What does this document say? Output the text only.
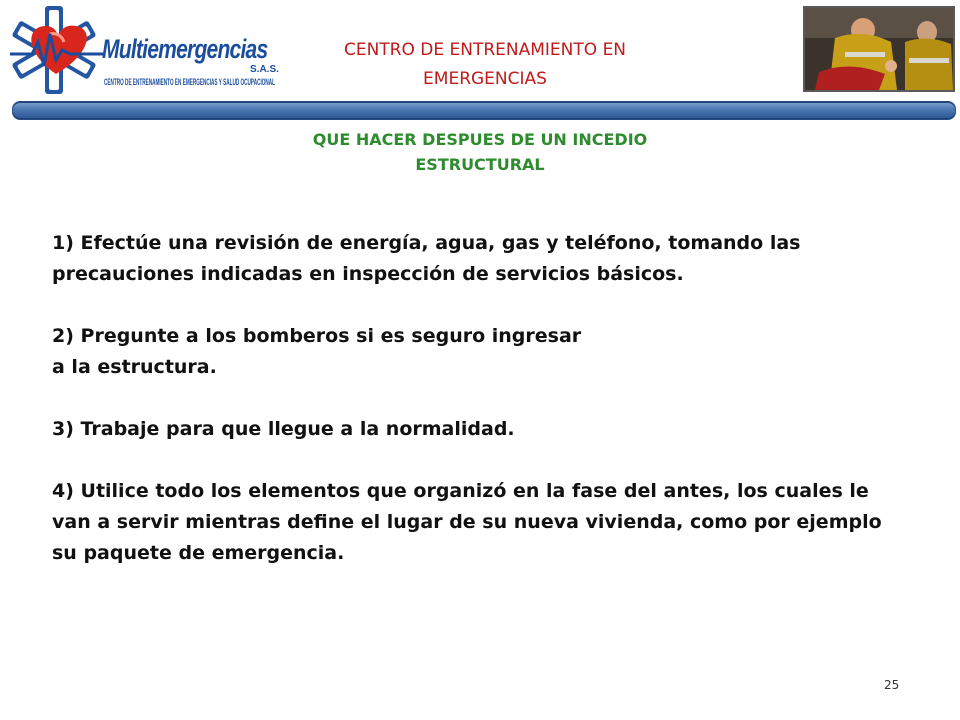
Multiemergencias
S.A.S.
CENTRO DE ENTRENAMIENTO EN EMERGENCIAS Y SALUD OCUPACIONAL
CENTRO DE ENTRENAMIENTO EN
EMERGENCIAS
QUE HACER DESPUES DE UN INCEDIO
ESTRUCTURAL

1) Efectúe una revisión de energía, agua, gas y teléfono, tomando las
precauciones indicadas en inspección de servicios básicos.

2) Pregunte a los bomberos si es seguro ingresar
a la estructura.

3) Trabaje para que llegue a la normalidad.

4) Utilice todo los elementos que organizó en la fase del antes, los cuales le
van a servir mientras define el lugar de su nueva vivienda, como por ejemplo
su paquete de emergencia.

25
